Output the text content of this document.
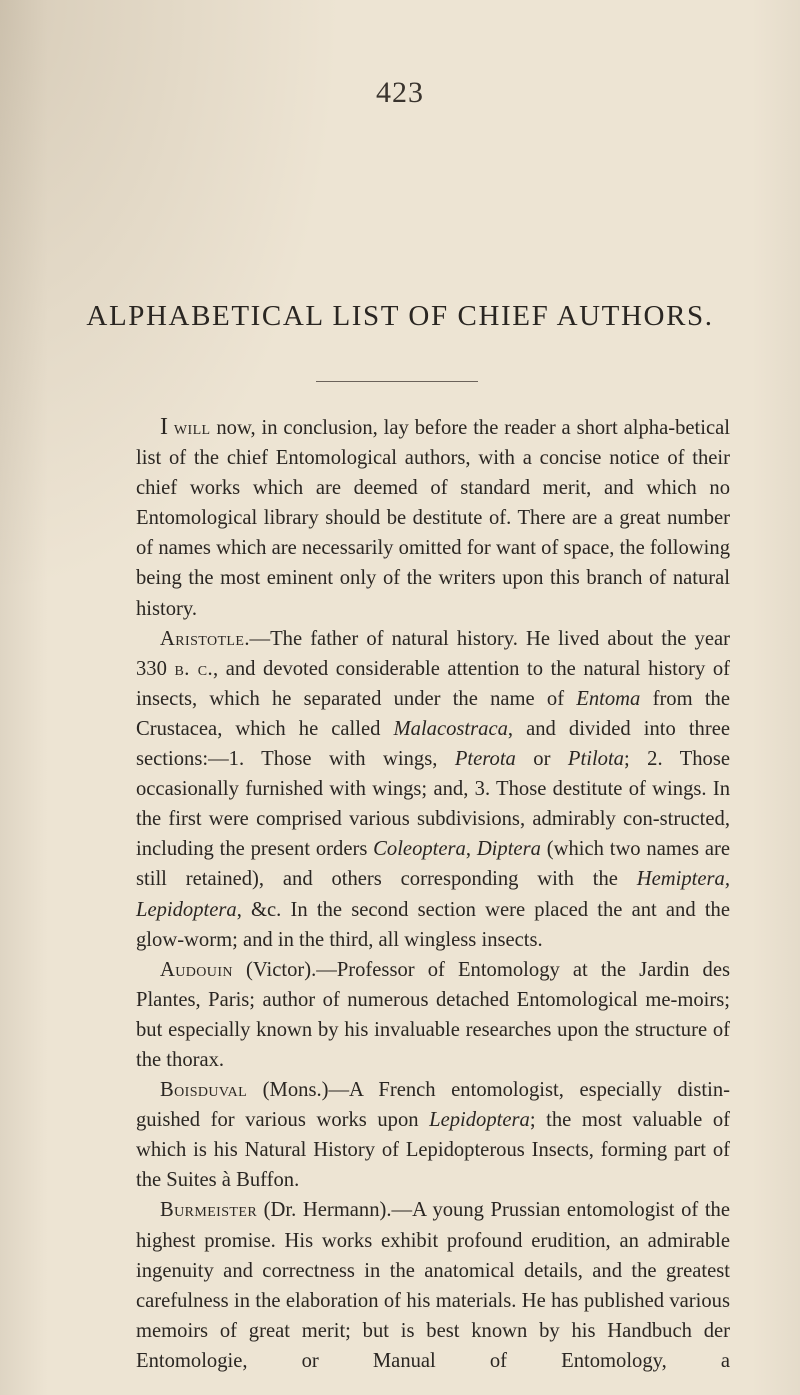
423
ALPHABETICAL LIST OF CHIEF AUTHORS.

I will now, in conclusion, lay before the reader a short alpha-betical list of the chief Entomological authors, with a concise notice of their chief works which are deemed of standard merit, and which no Entomological library should be destitute of. There are a great number of names which are necessarily omitted for want of space, the following being the most eminent only of the writers upon this branch of natural history.

Aristotle.—The father of natural history. He lived about the year 330 b. c., and devoted considerable attention to the natural history of insects, which he separated under the name of Entoma from the Crustacea, which he called Malacostraca, and divided into three sections:—1. Those with wings, Pterota or Ptilota; 2. Those occasionally furnished with wings; and, 3. Those destitute of wings. In the first were comprised various subdivisions, admirably con-structed, including the present orders Coleoptera, Diptera (which two names are still retained), and others corresponding with the Hemiptera, Lepidoptera, &c. In the second section were placed the ant and the glow-worm; and in the third, all wingless insects.

Audouin (Victor).—Professor of Entomology at the Jardin des Plantes, Paris; author of numerous detached Entomological me-moirs; but especially known by his invaluable researches upon the structure of the thorax.

Boisduval (Mons.)—A French entomologist, especially distin-guished for various works upon Lepidoptera; the most valuable of which is his Natural History of Lepidopterous Insects, forming part of the Suites à Buffon.

Burmeister (Dr. Hermann).—A young Prussian entomologist of the highest promise. His works exhibit profound erudition, an admirable ingenuity and correctness in the anatomical details, and the greatest carefulness in the elaboration of his materials. He has published various memoirs of great merit; but is best known by his Handbuch der Entomologie, or Manual of Entomology, a
